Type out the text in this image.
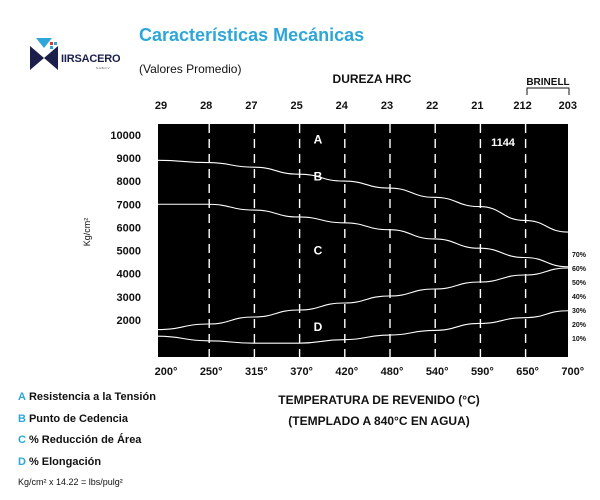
IIRSACERO
S.A.B.C.V
Características Mecánicas
(Valores Promedio)
DUREZA HRC	BRINELL
29	28	27	25	24	23	22	21	212 203
200° 250° 315° 370° 420° 480° 540° 590° 650° 700°
2000
3000
4000
5000
6000
7000
8000
9000
10000
Kg/cm²
70%
60%
50%
40%
30%
20%
10%
1144
A
B
C
D
TEMPERATURA DE REVENIDO (°C)
(TEMPLADO A 840°C EN AGUA)
A Resistencia a la Tensión
B Punto de Cedencia
C % Reducción de Área
D % Elongación
Kg/cm² x 14.22 = lbs/pulg²
